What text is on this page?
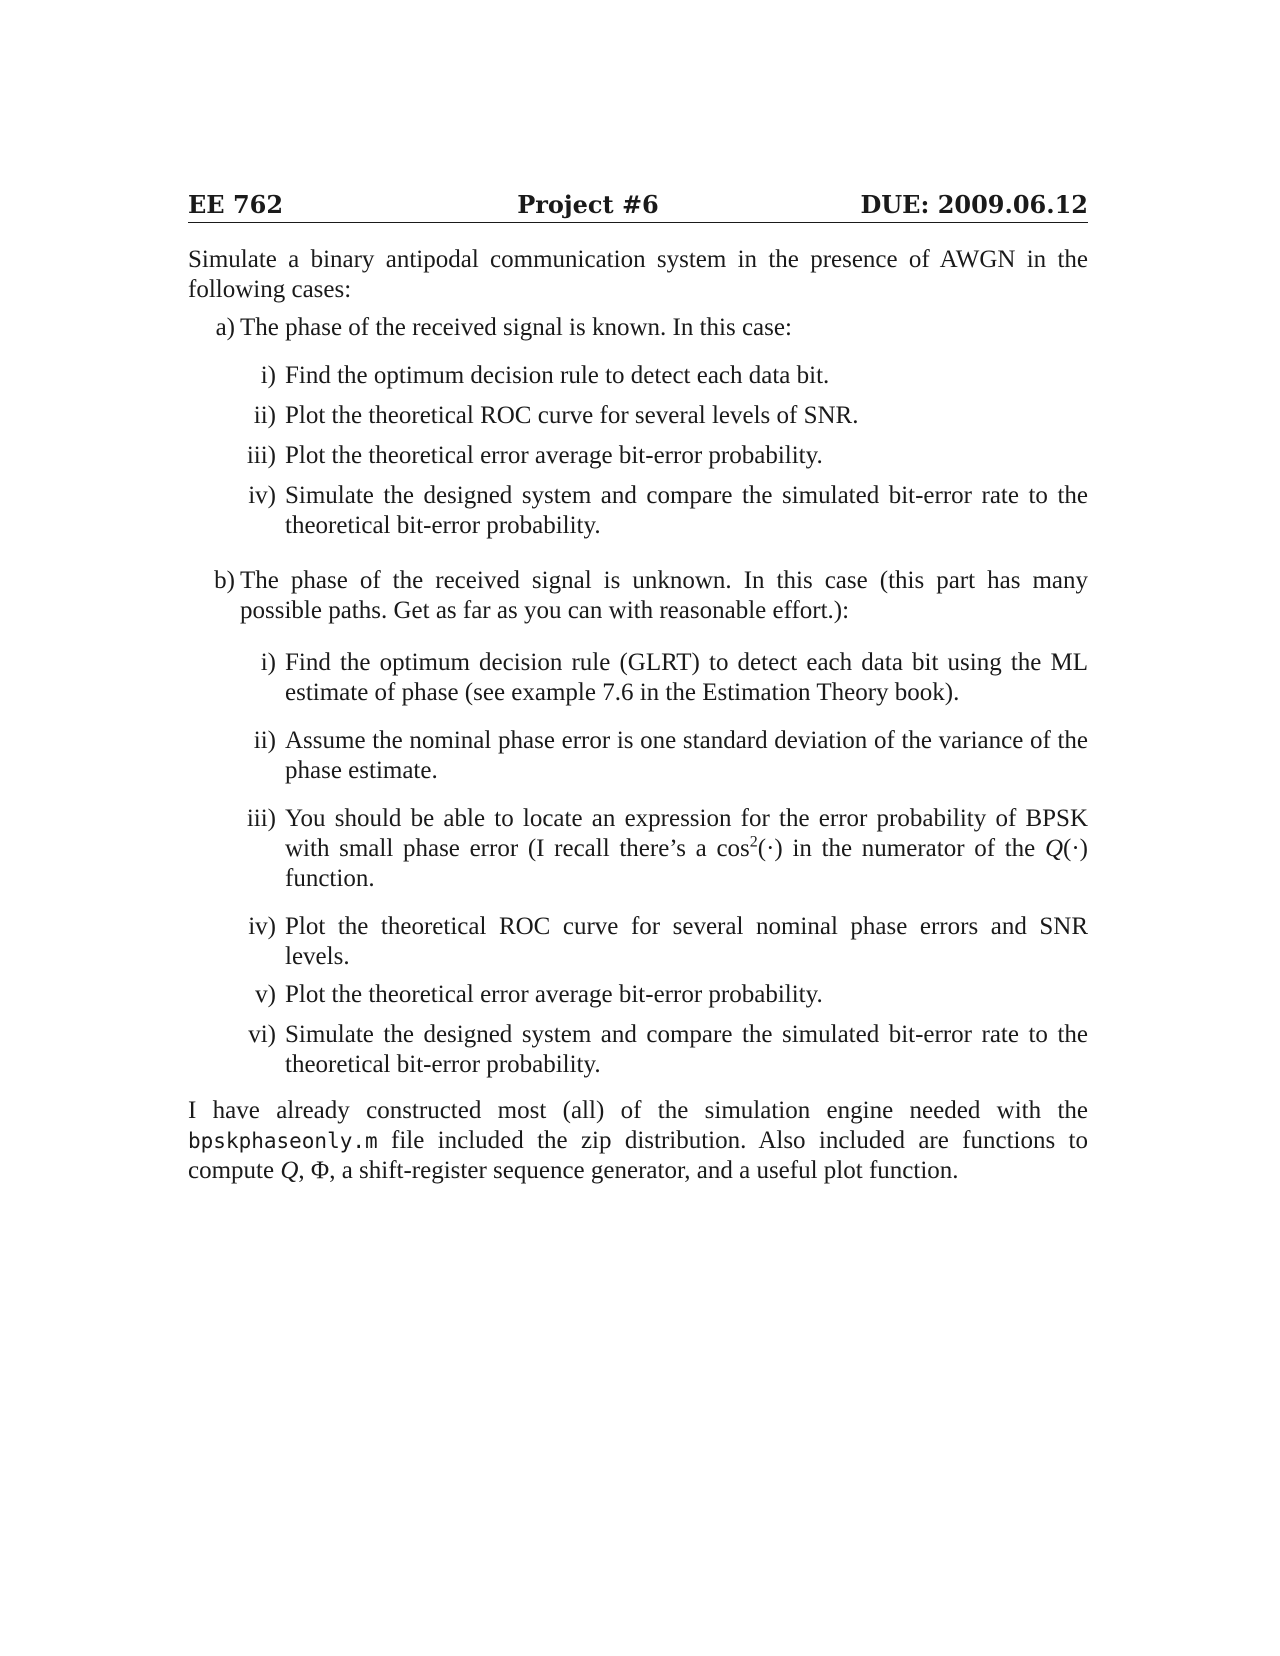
EE 762	Project #6	DUE: 2009.06.12
Simulate a binary antipodal communication system in the presence of AWGN in the following cases:
a) The phase of the received signal is known. In this case:
i) Find the optimum decision rule to detect each data bit.
ii) Plot the theoretical ROC curve for several levels of SNR.
iii) Plot the theoretical error average bit-error probability.
iv) Simulate the designed system and compare the simulated bit-error rate to the theoretical bit-error probability.
b) The phase of the received signal is unknown. In this case (this part has many possible paths. Get as far as you can with reasonable effort.):
i) Find the optimum decision rule (GLRT) to detect each data bit using the ML estimate of phase (see example 7.6 in the Estimation Theory book).
ii) Assume the nominal phase error is one standard deviation of the variance of the phase estimate.
iii) You should be able to locate an expression for the error probability of BPSK with small phase error (I recall there’s a $\cos^2(\cdot)$ in the numerator of the Q(·) function.
iv) Plot the theoretical ROC curve for several nominal phase errors and SNR levels.
v) Plot the theoretical error average bit-error probability.
vi) Simulate the designed system and compare the simulated bit-error rate to the theoretical bit-error probability.
I have already constructed most (all) of the simulation engine needed with the bpskphaseonly.m file included the zip distribution. Also included are functions to compute Q, Φ, a shift-register sequence generator, and a useful plot function.
